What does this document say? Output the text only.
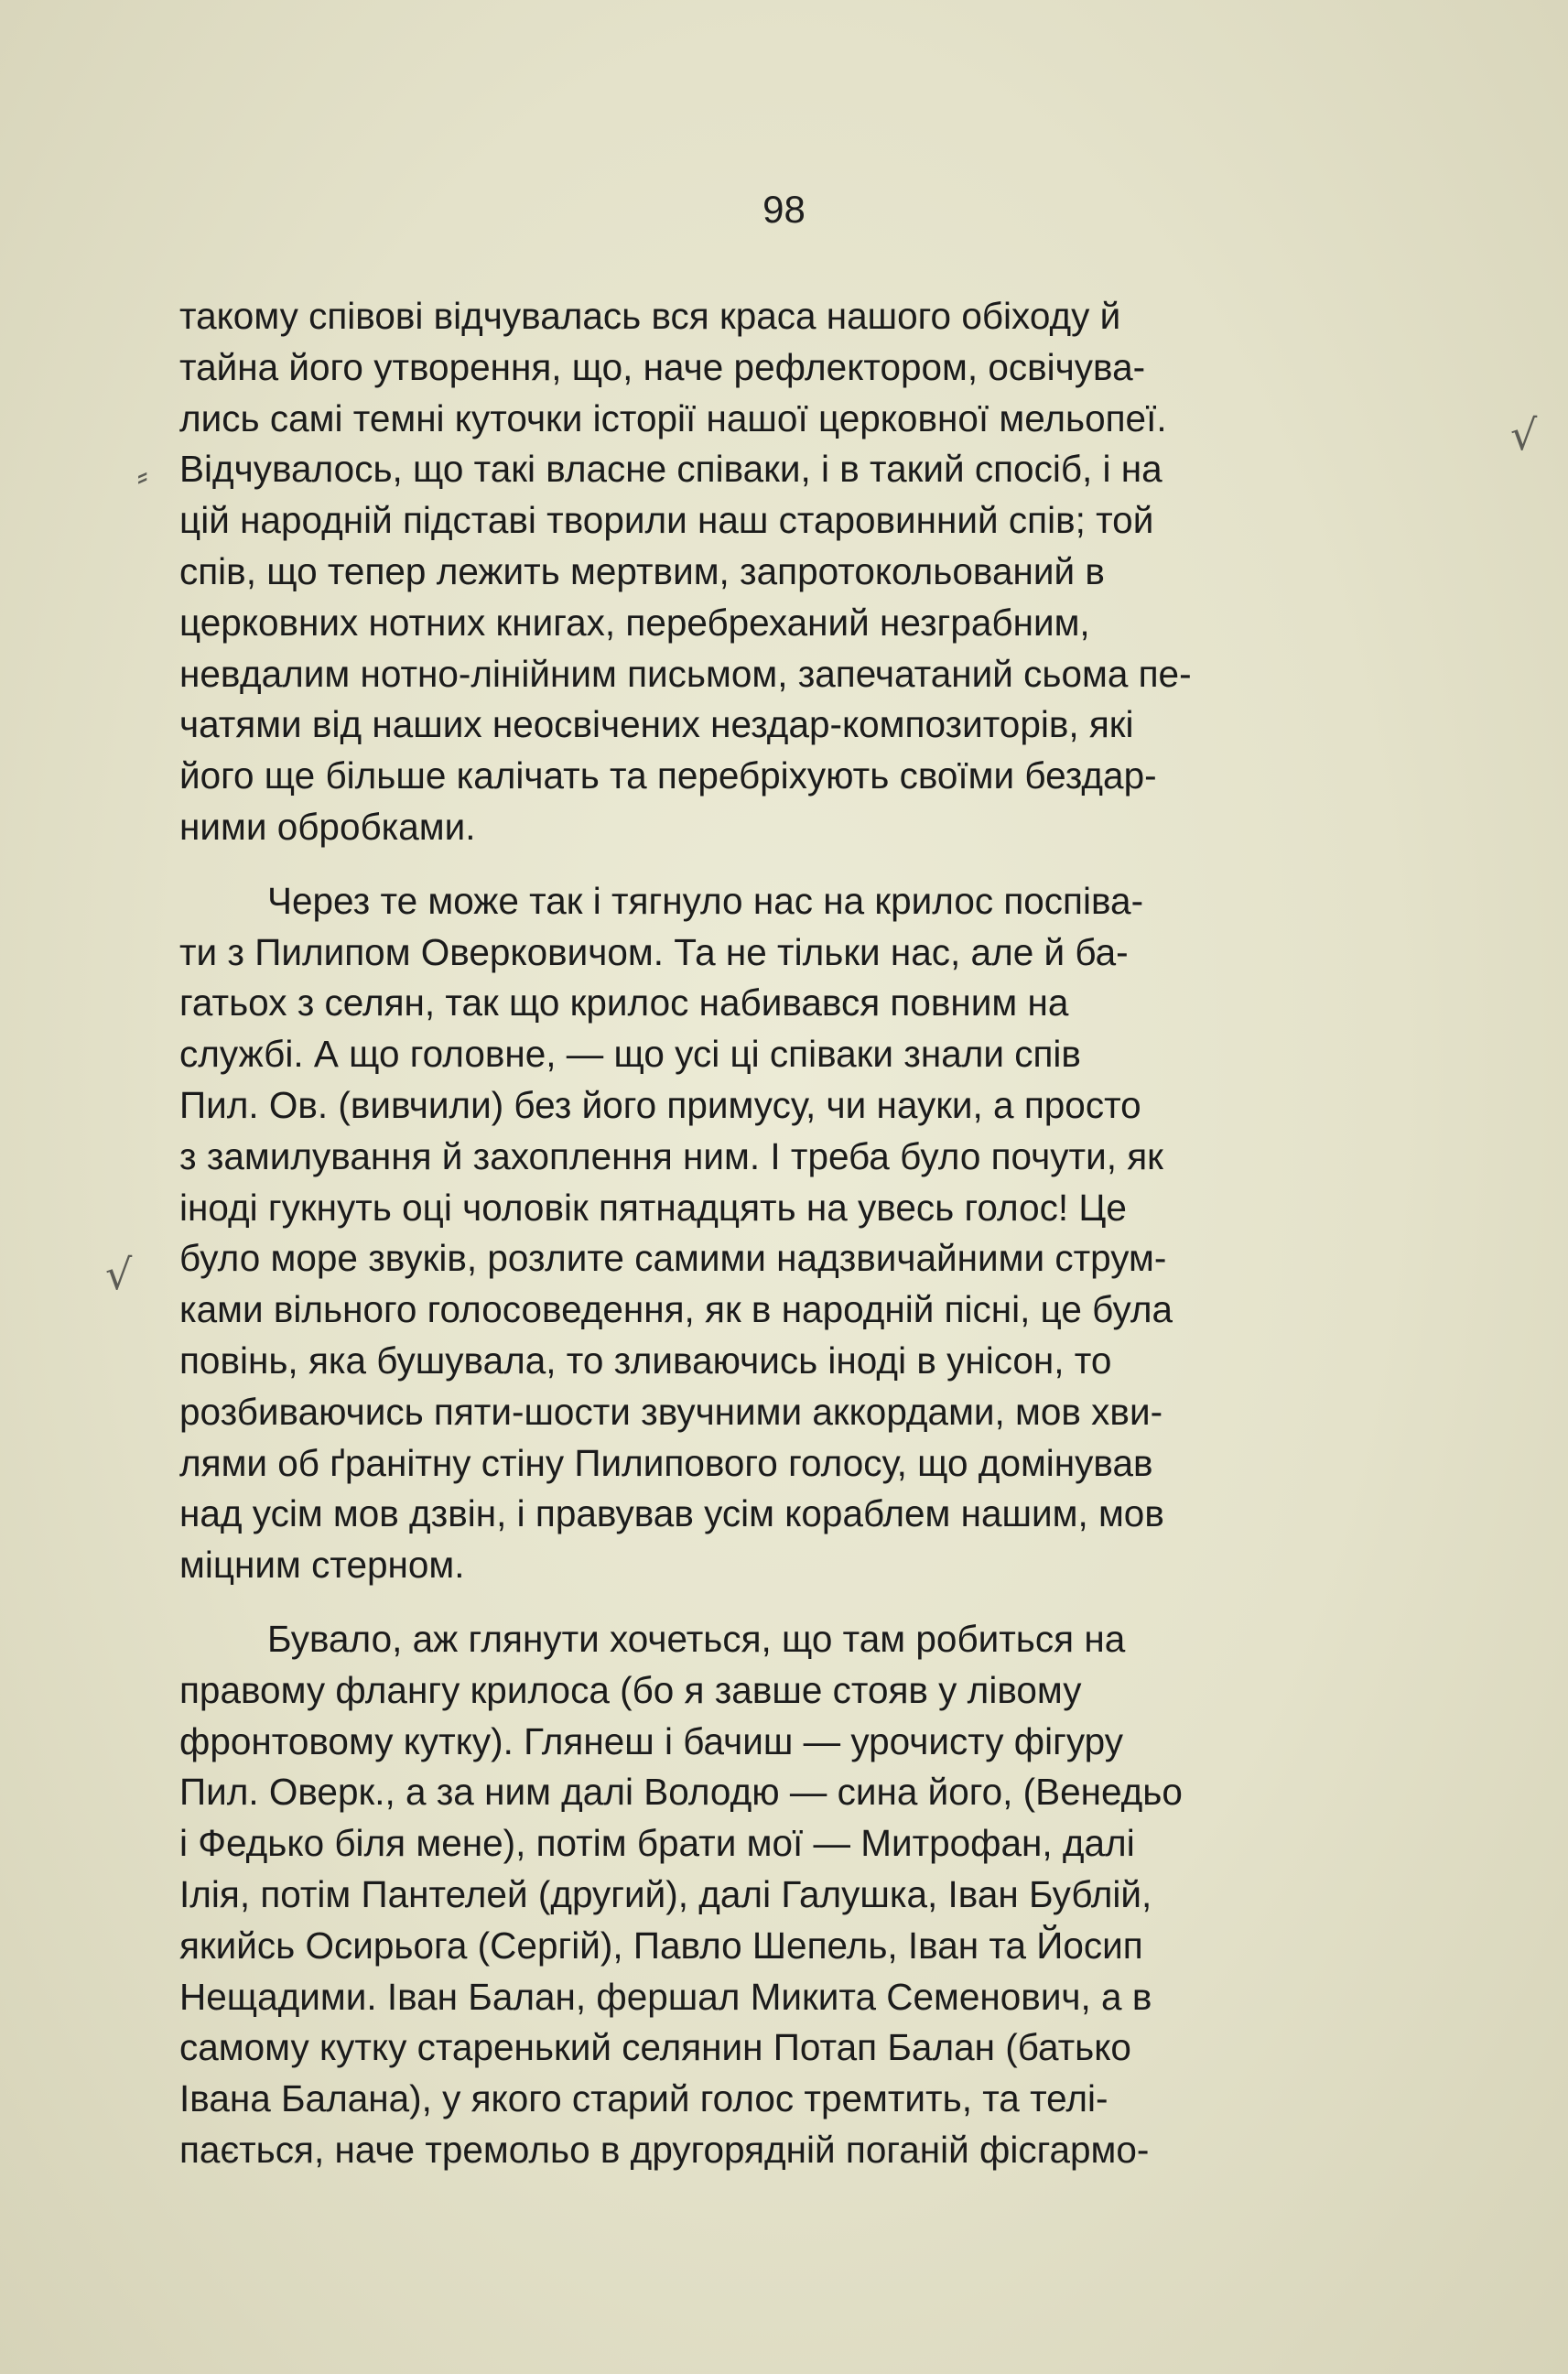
98
√
⸗
√
такому співові відчувалась вся краса нашого обіходу й
тайна його утворення, що, наче рефлектором, освічува-
лись самі темні куточки історії нашої церковної мельопеї.
Відчувалось, що такі власне співаки, і в такий спосіб, і на
цій народній підставі творили наш старовинний спів; той
спів, що тепер лежить мертвим, запротокольований в
церковних нотних книгах, перебреханий незграбним,
невдалим нотно-лінійним письмом, запечатаний сьома пе-
чатями від наших неосвічених нездар-композиторів, які
його ще більше калічать та перебріхують своїми бездар-
ними обробками.
Через те може так і тягнуло нас на крилос поспіва-
ти з Пилипом Оверковичом. Та не тільки нас, але й ба-
гатьох з селян, так що крилос набивався повним на
службі. А що головне, — що усі ці співаки знали спів
Пил. Ов. (вивчили) без його примусу, чи науки, а просто
з замилування й захоплення ним. І треба було почути, як
іноді гукнуть оці чоловік пятнадцять на увесь голос! Це
було море звуків, розлите самими надзвичайними струм-
ками вільного голосоведення, як в народній пісні, це була
повінь, яка бушувала, то зливаючись іноді в унісон, то
розбиваючись пяти-шости звучними аккордами, мов хви-
лями об ґранітну стіну Пилипового голосу, що домінував
над усім мов дзвін, і правував усім кораблем нашим, мов
міцним стерном.
Бувало, аж глянути хочеться, що там робиться на
правому флангу крилоса (бо я завше стояв у лівому
фронтовому кутку). Глянеш і бачиш — урочисту фігуру
Пил. Оверк., а за ним далі Володю — сина його, (Венедьо
і Федько біля мене), потім брати мої — Митрофан, далі
Ілія, потім Пантелей (другий), далі Галушка, Іван Бублій,
якийсь Осирьога (Сергій), Павло Шепель, Іван та Йосип
Нещадими. Іван Балан, фершал Микита Семенович, а в
самому кутку старенький селянин Потап Балан (батько
Івана Балана), у якого старий голос тремтить, та телі-
пається, наче тремольо в другорядній поганій фісгармо-
